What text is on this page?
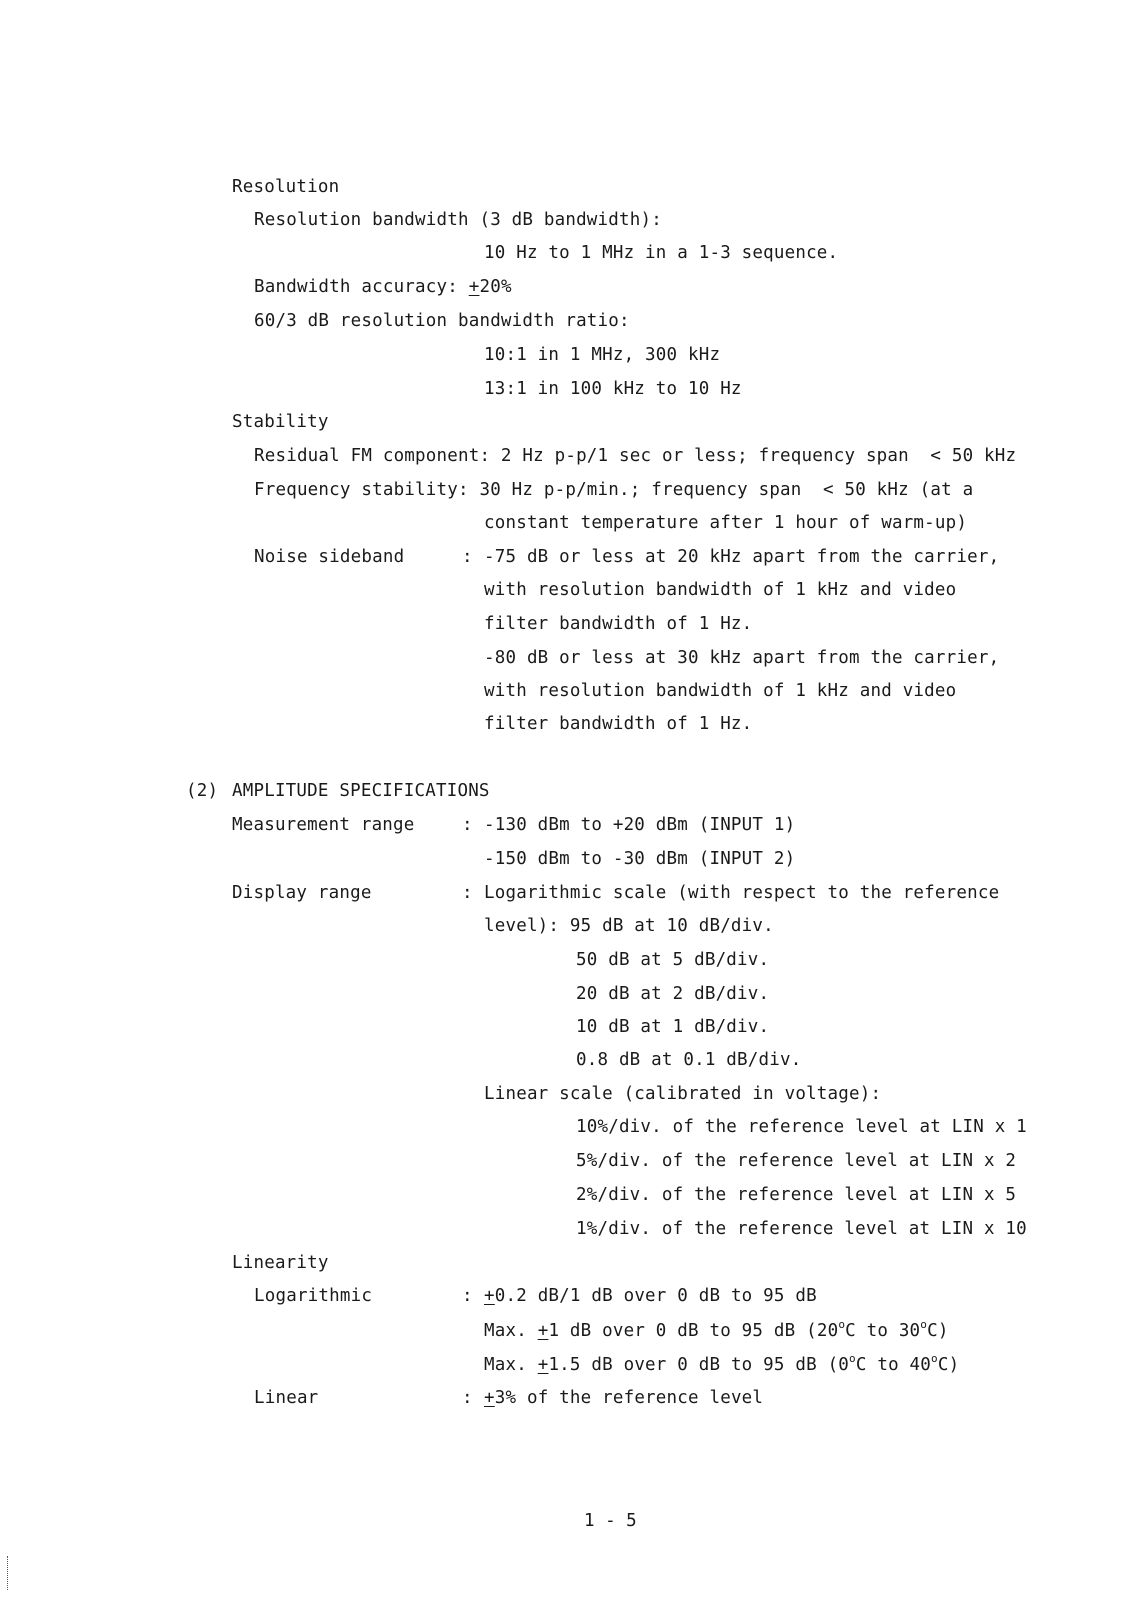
Resolution
Resolution bandwidth (3 dB bandwidth):
10 Hz to 1 MHz in a 1-3 sequence.
Bandwidth accuracy: +20%
60/3 dB resolution bandwidth ratio:
10:1 in 1 MHz, 300 kHz
13:1 in 100 kHz to 10 Hz
Stability
Residual FM component: 2 Hz p-p/1 sec or less; frequency span  < 50 kHz
Frequency stability: 30 Hz p-p/min.; frequency span  < 50 kHz (at a
constant temperature after 1 hour of warm-up)
Noise sideband	: -75 dB or less at 20 kHz apart from the carrier,
with resolution bandwidth of 1 kHz and video
filter bandwidth of 1 Hz.
-80 dB or less at 30 kHz apart from the carrier,
with resolution bandwidth of 1 kHz and video
filter bandwidth of 1 Hz.
(2) AMPLITUDE SPECIFICATIONS
Measurement range	: -130 dBm to +20 dBm (INPUT 1)
-150 dBm to -30 dBm (INPUT 2)
Display range	: Logarithmic scale (with respect to the reference
level): 95 dB at 10 dB/div.
50 dB at 5 dB/div.
20 dB at 2 dB/div.
10 dB at 1 dB/div.
0.8 dB at 0.1 dB/div.
Linear scale (calibrated in voltage):
10%/div. of the reference level at LIN x 1
5%/div. of the reference level at LIN x 2
2%/div. of the reference level at LIN x 5
1%/div. of the reference level at LIN x 10
Linearity
Logarithmic	: +0.2 dB/1 dB over 0 dB to 95 dB
Max. +1 dB over 0 dB to 95 dB (20$^o$C to 30$^o$C)
Max. +1.5 dB over 0 dB to 95 dB (0$^o$C to 40$^o$C)
Linear	: +3% of the reference level
1 - 5
